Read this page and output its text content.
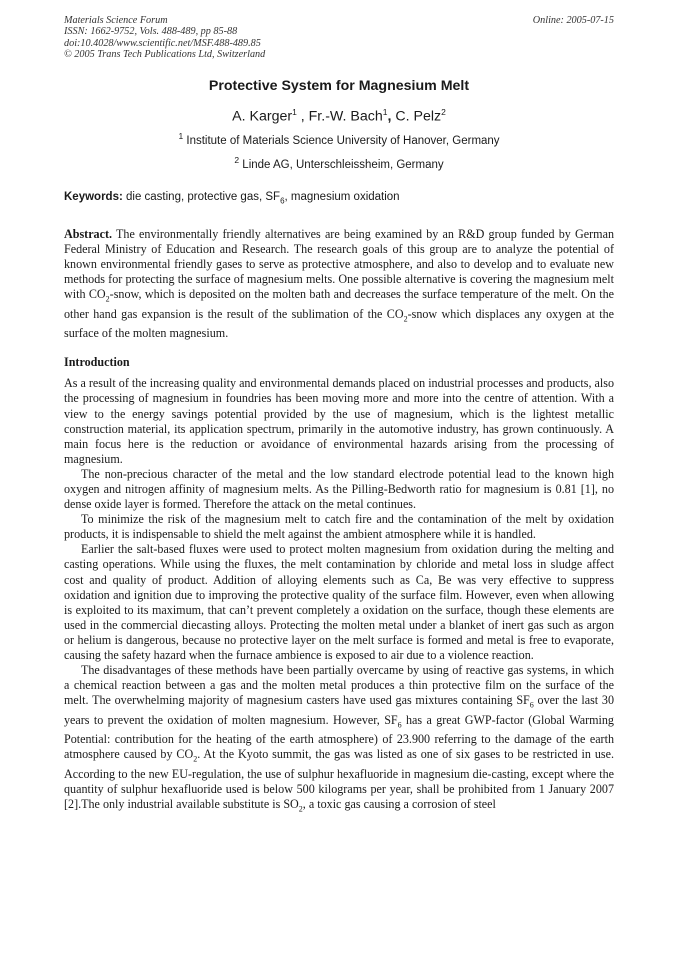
Materials Science Forum
ISSN: 1662-9752, Vols. 488-489, pp 85-88
doi:10.4028/www.scientific.net/MSF.488-489.85
© 2005 Trans Tech Publications Ltd, Switzerland
Online: 2005-07-15
Protective System for Magnesium Melt
A. Karger$^1$ , Fr.-W. Bach$^1$, C. Pelz$^2$
$^1$ Institute of Materials Science University of Hanover, Germany
$^2$ Linde AG, Unterschleissheim, Germany
Keywords: die casting, protective gas, $SF_6$, magnesium oxidation

Abstract. The environmentally friendly alternatives are being examined by an R&D group funded by German Federal Ministry of Education and Research. The research goals of this group are to analyze the potential of known environmental friendly gases to serve as protective atmosphere, and also to develop and to evaluate new methods for protecting the surface of magnesium melts. One possible alternative is covering the magnesium melt with $CO_2$-snow, which is deposited on the molten bath and decreases the surface temperature of the melt. On the other hand gas expansion is the result of the sublimation of the $CO_2$-snow which displaces any oxygen at the surface of the molten magnesium.

Introduction

As a result of the increasing quality and environmental demands placed on industrial processes and products, also the processing of magnesium in foundries has been moving more and more into the centre of attention. With a view to the energy savings potential provided by the use of magnesium, which is the lightest metallic construction material, its application spectrum, primarily in the automotive industry, has grown continuously. A main focus here is the reduction or avoidance of environmental hazards arising from the processing of magnesium.

The non-precious character of the metal and the low standard electrode potential lead to the known high oxygen and nitrogen affinity of magnesium melts. As the Pilling-Bedworth ratio for magnesium is 0.81 [1], no dense oxide layer is formed. Therefore the attack on the metal continues.

To minimize the risk of the magnesium melt to catch fire and the contamination of the melt by oxidation products, it is indispensable to shield the melt against the ambient atmosphere while it is handled.

Earlier the salt-based fluxes were used to protect molten magnesium from oxidation during the melting and casting operations. While using the fluxes, the melt contamination by chloride and metal loss in sludge affect cost and quality of product. Addition of alloying elements such as Ca, Be was very effective to suppress oxidation and ignition due to improving the protective quality of the surface film. However, even when allowing is exploited to its maximum, that can’t prevent completely a oxidation on the surface, though these elements are used in the commercial diecasting alloys. Protecting the molten metal under a blanket of inert gas such as argon or helium is dangerous, because no protective layer on the melt surface is formed and metal is free to evaporate, causing the safety hazard when the furnace ambience is exposed to air due to a violence reaction.

The disadvantages of these methods have been partially overcame by using of reactive gas systems, in which a chemical reaction between a gas and the molten metal produces a thin protective film on the surface of the melt. The overwhelming majority of magnesium casters have used gas mixtures containing $SF_6$ over the last 30 years to prevent the oxidation of molten magnesium. However, $SF_6$ has a great GWP-factor (Global Warming Potential: contribution for the heating of the earth atmosphere) of 23.900 referring to the damage of the earth atmosphere caused by $CO_2$. At the Kyoto summit, the gas was listed as one of six gases to be restricted in use. According to the new EU-regulation, the use of sulphur hexafluoride in magnesium die-casting, except where the quantity of sulphur hexafluoride used is below 500 kilograms per year, shall be prohibited from 1 January 2007 [2].The only industrial available substitute is $SO_2$, a toxic gas causing a corrosion of steel
